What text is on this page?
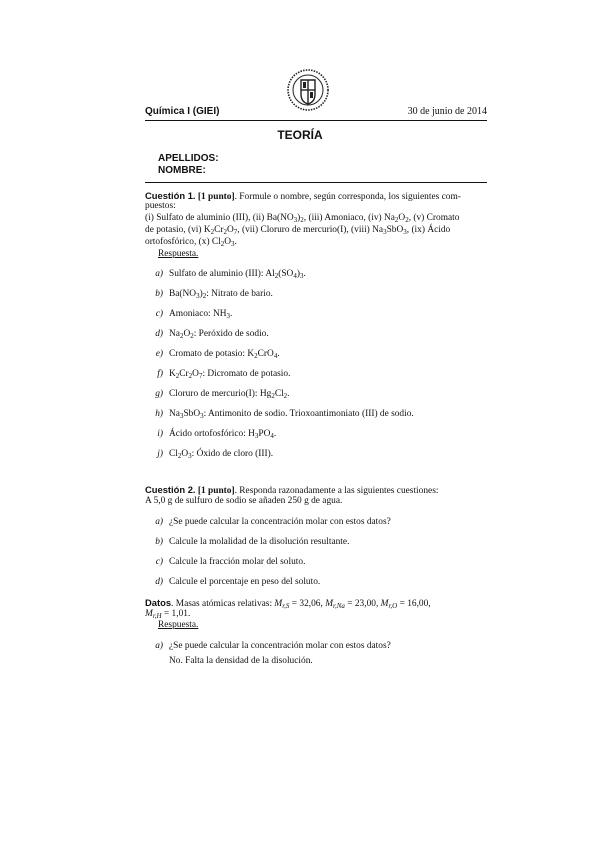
Química I (GIEI)	30 de junio de 2014
TEORÍA
APELLIDOS:
NOMBRE:
Cuestión 1. [1 punto]. Formule o nombre, según corresponda, los siguientes com-
puestos:
(i) Sulfato de aluminio (III), (ii) $Ba(NO_3)_2$, (iii) Amoniaco, (iv) $Na_2O_2$, (v) Cromato
de potasio, (vi) $K_2Cr_2O_7$, (vii) Cloruro de mercurio(I), (viii) $Na_3SbO_3$, (ix) Ácido
ortofosfórico, (x) $Cl_2O_3$.
Respuesta.
a) Sulfato de aluminio (III): $Al_2(SO_4)_3$.
b) $Ba(NO_3)_2$: Nitrato de bario.
c) Amoniaco: $NH_3$.
d) $Na_2O_2$: Peróxido de sodio.
e) Cromato de potasio: $K_2CrO_4$.
f) $K_2Cr_2O_7$: Dicromato de potasio.
g) Cloruro de mercurio(I): $Hg_2Cl_2$.
h) $Na_3SbO_3$: Antimonito de sodio. Trioxoantimoniato (III) de sodio.
i) Ácido ortofosfórico: $H_3PO_4$.
j) $Cl_2O_3$: Óxido de cloro (III).
Cuestión 2. [1 punto]. Responda razonadamente a las siguientes cuestiones:
A 5,0 g de sulfuro de sodio se añaden 250 g de agua.
a) ¿Se puede calcular la concentración molar con estos datos?
b) Calcule la molalidad de la disolución resultante.
c) Calcule la fracción molar del soluto.
d) Calcule el porcentaje en peso del soluto.
Datos. Masas atómicas relativas: $M_{r,S} = 32,06$, $M_{r,Na} = 23,00$, $M_{r,O} = 16,00$,
$M_{r,H} = 1,01$.
Respuesta.
a) ¿Se puede calcular la concentración molar con estos datos?
No. Falta la densidad de la disolución.
